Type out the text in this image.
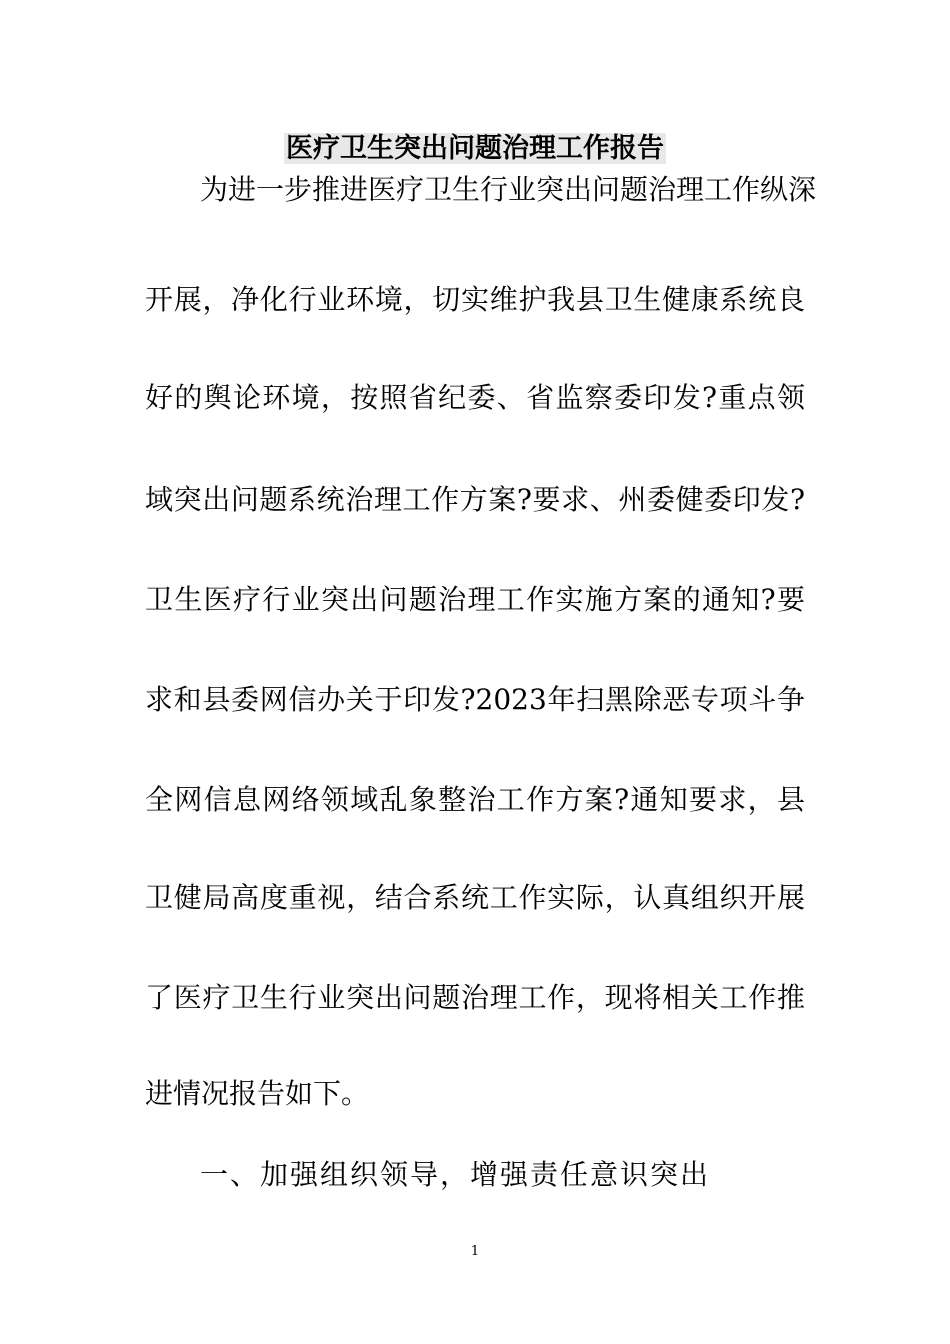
医疗卫生突出问题治理工作报告
为进一步推进医疗卫生行业突出问题治理工作纵深
开展，净化行业环境，切实维护我县卫生健康系统良
好的舆论环境，按照省纪委、省监察委印发?重点领
域突出问题系统治理工作方案?要求、州委健委印发?
卫生医疗行业突出问题治理工作实施方案的通知?要
求和县委网信办关于印发?2023年扫黑除恶专项斗争
全网信息网络领域乱象整治工作方案?通知要求，县
卫健局高度重视，结合系统工作实际，认真组织开展
了医疗卫生行业突出问题治理工作，现将相关工作推
进情况报告如下。
一、加强组织领导，增强责任意识突出
1
